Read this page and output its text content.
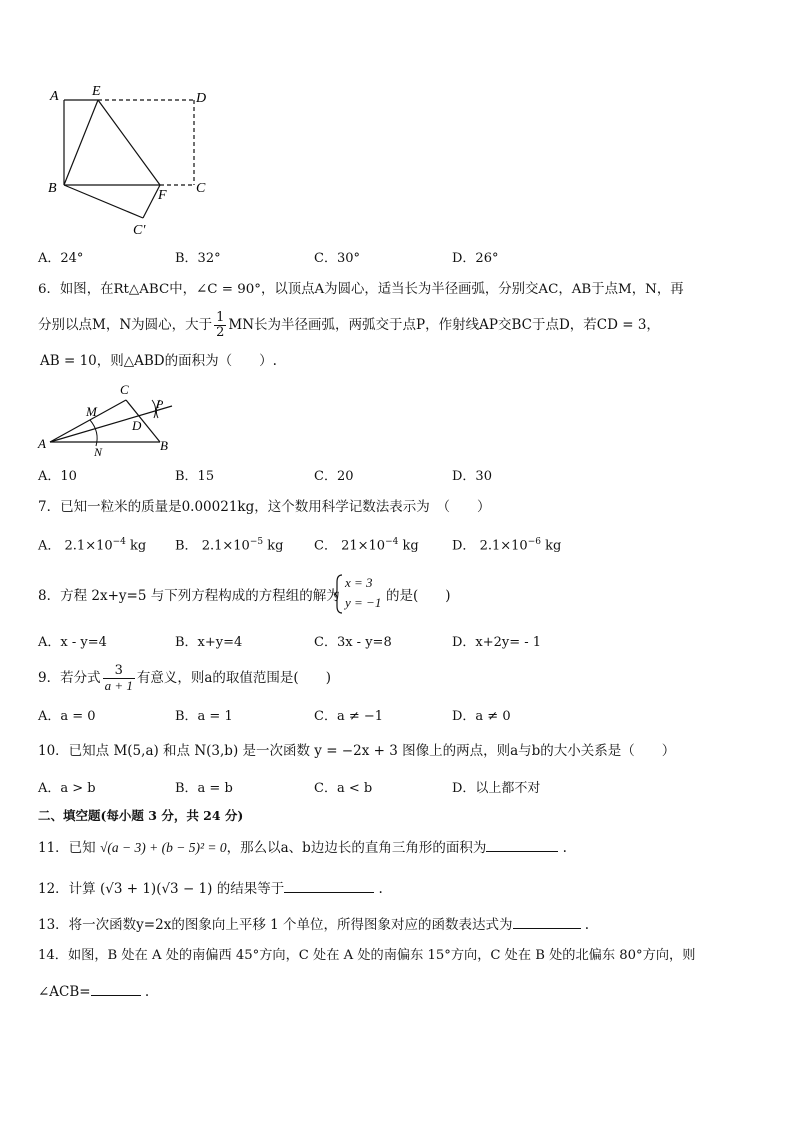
A E	D
B	F C
C′
A．24°	B．32°	C．30°	D．26°
6．如图，在Rt△ABC中，∠C = 90°，以顶点A为圆心，适当长为半径画弧，分别交AC，AB于点M，N，再
分别以点M，N为圆心，大于 $\frac{1}{2}$ MN长为半径画弧，两弧交于点P，作射线AP交BC于点D，若CD = 3，
AB = 10，则△ABD的面积为（　　）.
C
M	P
D
A
N	B
A．10	B．15	C．20	D．30
7．已知一粒米的质量是0.00021kg，这个数用科学记数法表示为　（　　）
A． $2.1\times 10^{-4}$ kg B． $2.1\times 10^{-5}$ kg C． $21\times 10^{-4}$ kg	D． $2.1\times 10^{-6}$ kg
8．方程 2x+y=5 与下列方程构成的方程组的解为
x = 3
y = −1 的是(　　)
A．x - y=4	B．x+y=4	C．3x - y=8	D．x+2y= - 1
9．若分式 $\frac{3}{a + 1}$ 有意义，则a的取值范围是(　　)
A．a = 0	B．a = 1	C．a ≠ −1	D．a ≠ 0
10．已知点 M(5,a) 和点 N(3,b) 是一次函数 y = −2x + 3 图像上的两点，则a与b的大小关系是（　　）
A．a > b	B．a = b	C．a < b	D．以上都不对
二、填空题(每小题 3 分，共 24 分)
11．已知 √(a − 3) + (b − 5)² = 0，那么以a、b边边长的直角三角形的面积为	.
12．计算 (√3 + 1)(√3 − 1) 的结果等于	.
13．将一次函数y=2x的图象向上平移 1 个单位，所得图象对应的函数表达式为	.
14．如图，B 处在 A 处的南偏西 45°方向，C 处在 A 处的南偏东 15°方向，C 处在 B 处的北偏东 80°方向，则
∠ACB=	.
